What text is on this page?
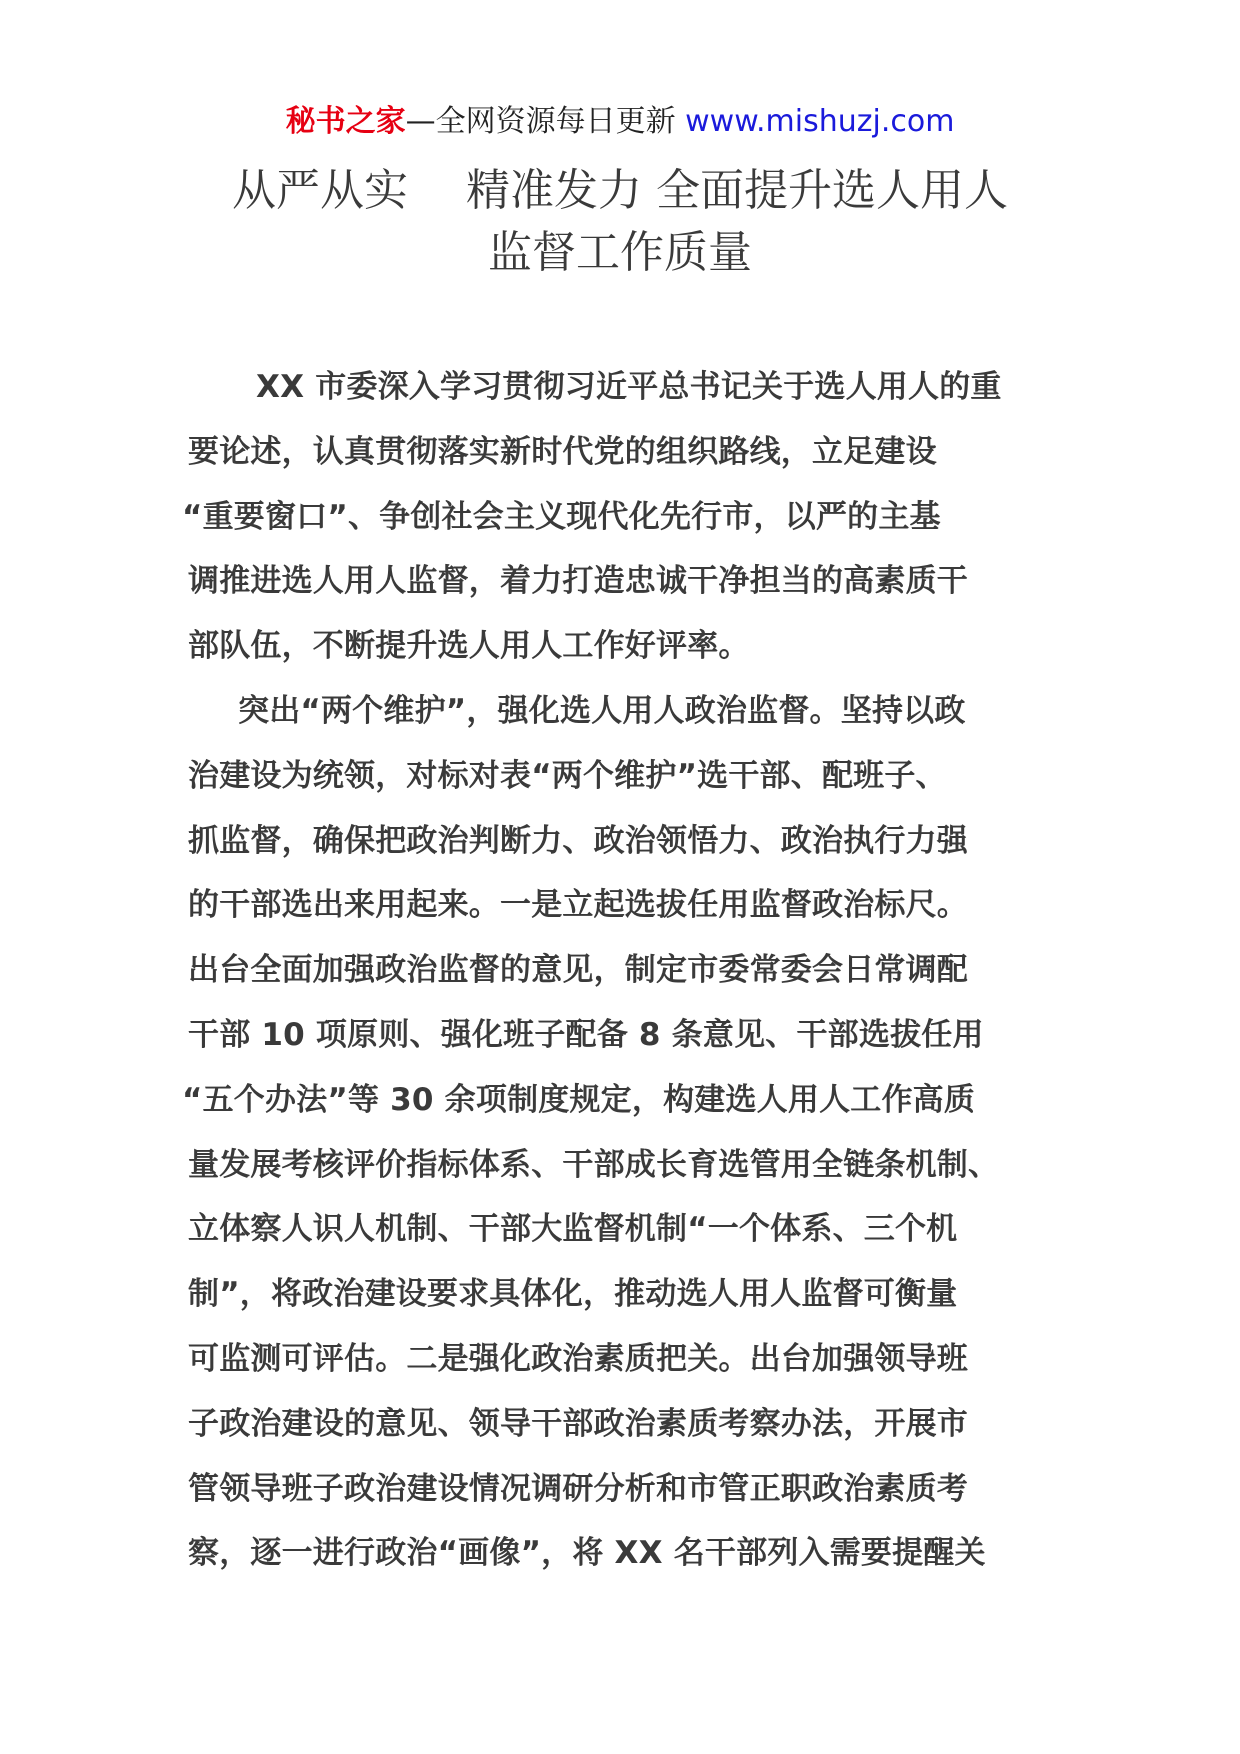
秘书之家—全网资源每日更新 www.mishuzj.com
从严从实 精准发力 全面提升选人用人
监督工作质量
XX 市委深入学习贯彻习近平总书记关于选人用人的重
要论述，认真贯彻落实新时代党的组织路线，立足建设
“重要窗口”、争创社会主义现代化先行市，以严的主基
调推进选人用人监督，着力打造忠诚干净担当的高素质干
部队伍，不断提升选人用人工作好评率。
突出“两个维护”，强化选人用人政治监督。坚持以政
治建设为统领，对标对表“两个维护”选干部、配班子、
抓监督，确保把政治判断力、政治领悟力、政治执行力强
的干部选出来用起来。一是立起选拔任用监督政治标尺。
出台全面加强政治监督的意见，制定市委常委会日常调配
干部 10 项原则、强化班子配备 8 条意见、干部选拔任用
“五个办法”等 30 余项制度规定，构建选人用人工作高质
量发展考核评价指标体系、干部成长育选管用全链条机制、
立体察人识人机制、干部大监督机制“一个体系、三个机
制”，将政治建设要求具体化，推动选人用人监督可衡量
可监测可评估。二是强化政治素质把关。出台加强领导班
子政治建设的意见、领导干部政治素质考察办法，开展市
管领导班子政治建设情况调研分析和市管正职政治素质考
察，逐一进行政治“画像”，将 XX 名干部列入需要提醒关
